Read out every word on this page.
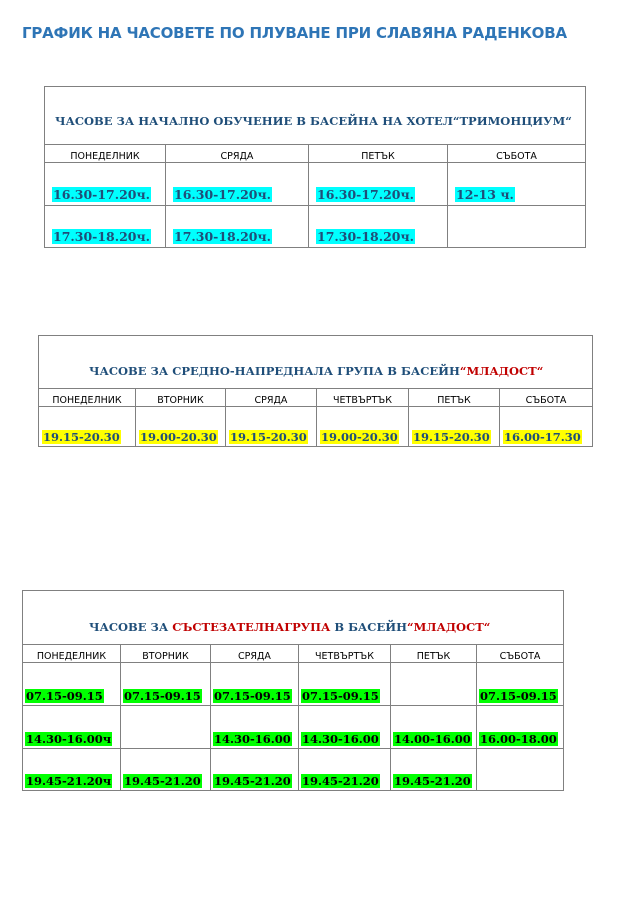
ГРАФИК НА ЧАСОВЕТЕ ПО ПЛУВАНЕ ПРИ СЛАВЯНА РАДЕНКОВА
ЧАСОВЕ ЗА НАЧАЛНО ОБУЧЕНИЕ В БАСЕЙНА НА ХОТЕЛ“ТРИМОНЦИУМ“			
ПОНЕДЕЛНИК	СРЯДА	ПЕТЪК	СЪБОТА
16.30-17.20ч.	16.30-17.20ч.	16.30-17.20ч.	12-13 ч.
17.30-18.20ч.	17.30-18.20ч.	17.30-18.20ч.	
ЧАСОВЕ ЗА СРЕДНО-НАПРЕДНАЛА ГРУПА В БАСЕЙН“МЛАДОСТ“					
ПОНЕДЕЛНИК	ВТОРНИК	СРЯДА	ЧЕТВЪРТЪК	ПЕТЪК	СЪБОТА
19.15-20.30	19.00-20.30	19.15-20.30	19.00-20.30	19.15-20.30	16.00-17.30
ЧАСОВЕ ЗА СЪСТЕЗАТЕЛНАГРУПА В БАСЕЙН“МЛАДОСТ“					
ПОНЕДЕЛНИК	ВТОРНИК	СРЯДА	ЧЕТВЪРТЪК	ПЕТЪК	СЪБОТА
07.15-09.15	07.15-09.15	07.15-09.15	07.15-09.15		07.15-09.15
14.30-16.00ч		14.30-16.00	14.30-16.00	14.00-16.00	16.00-18.00
19.45-21.20ч	19.45-21.20	19.45-21.20	19.45-21.20	19.45-21.20	
